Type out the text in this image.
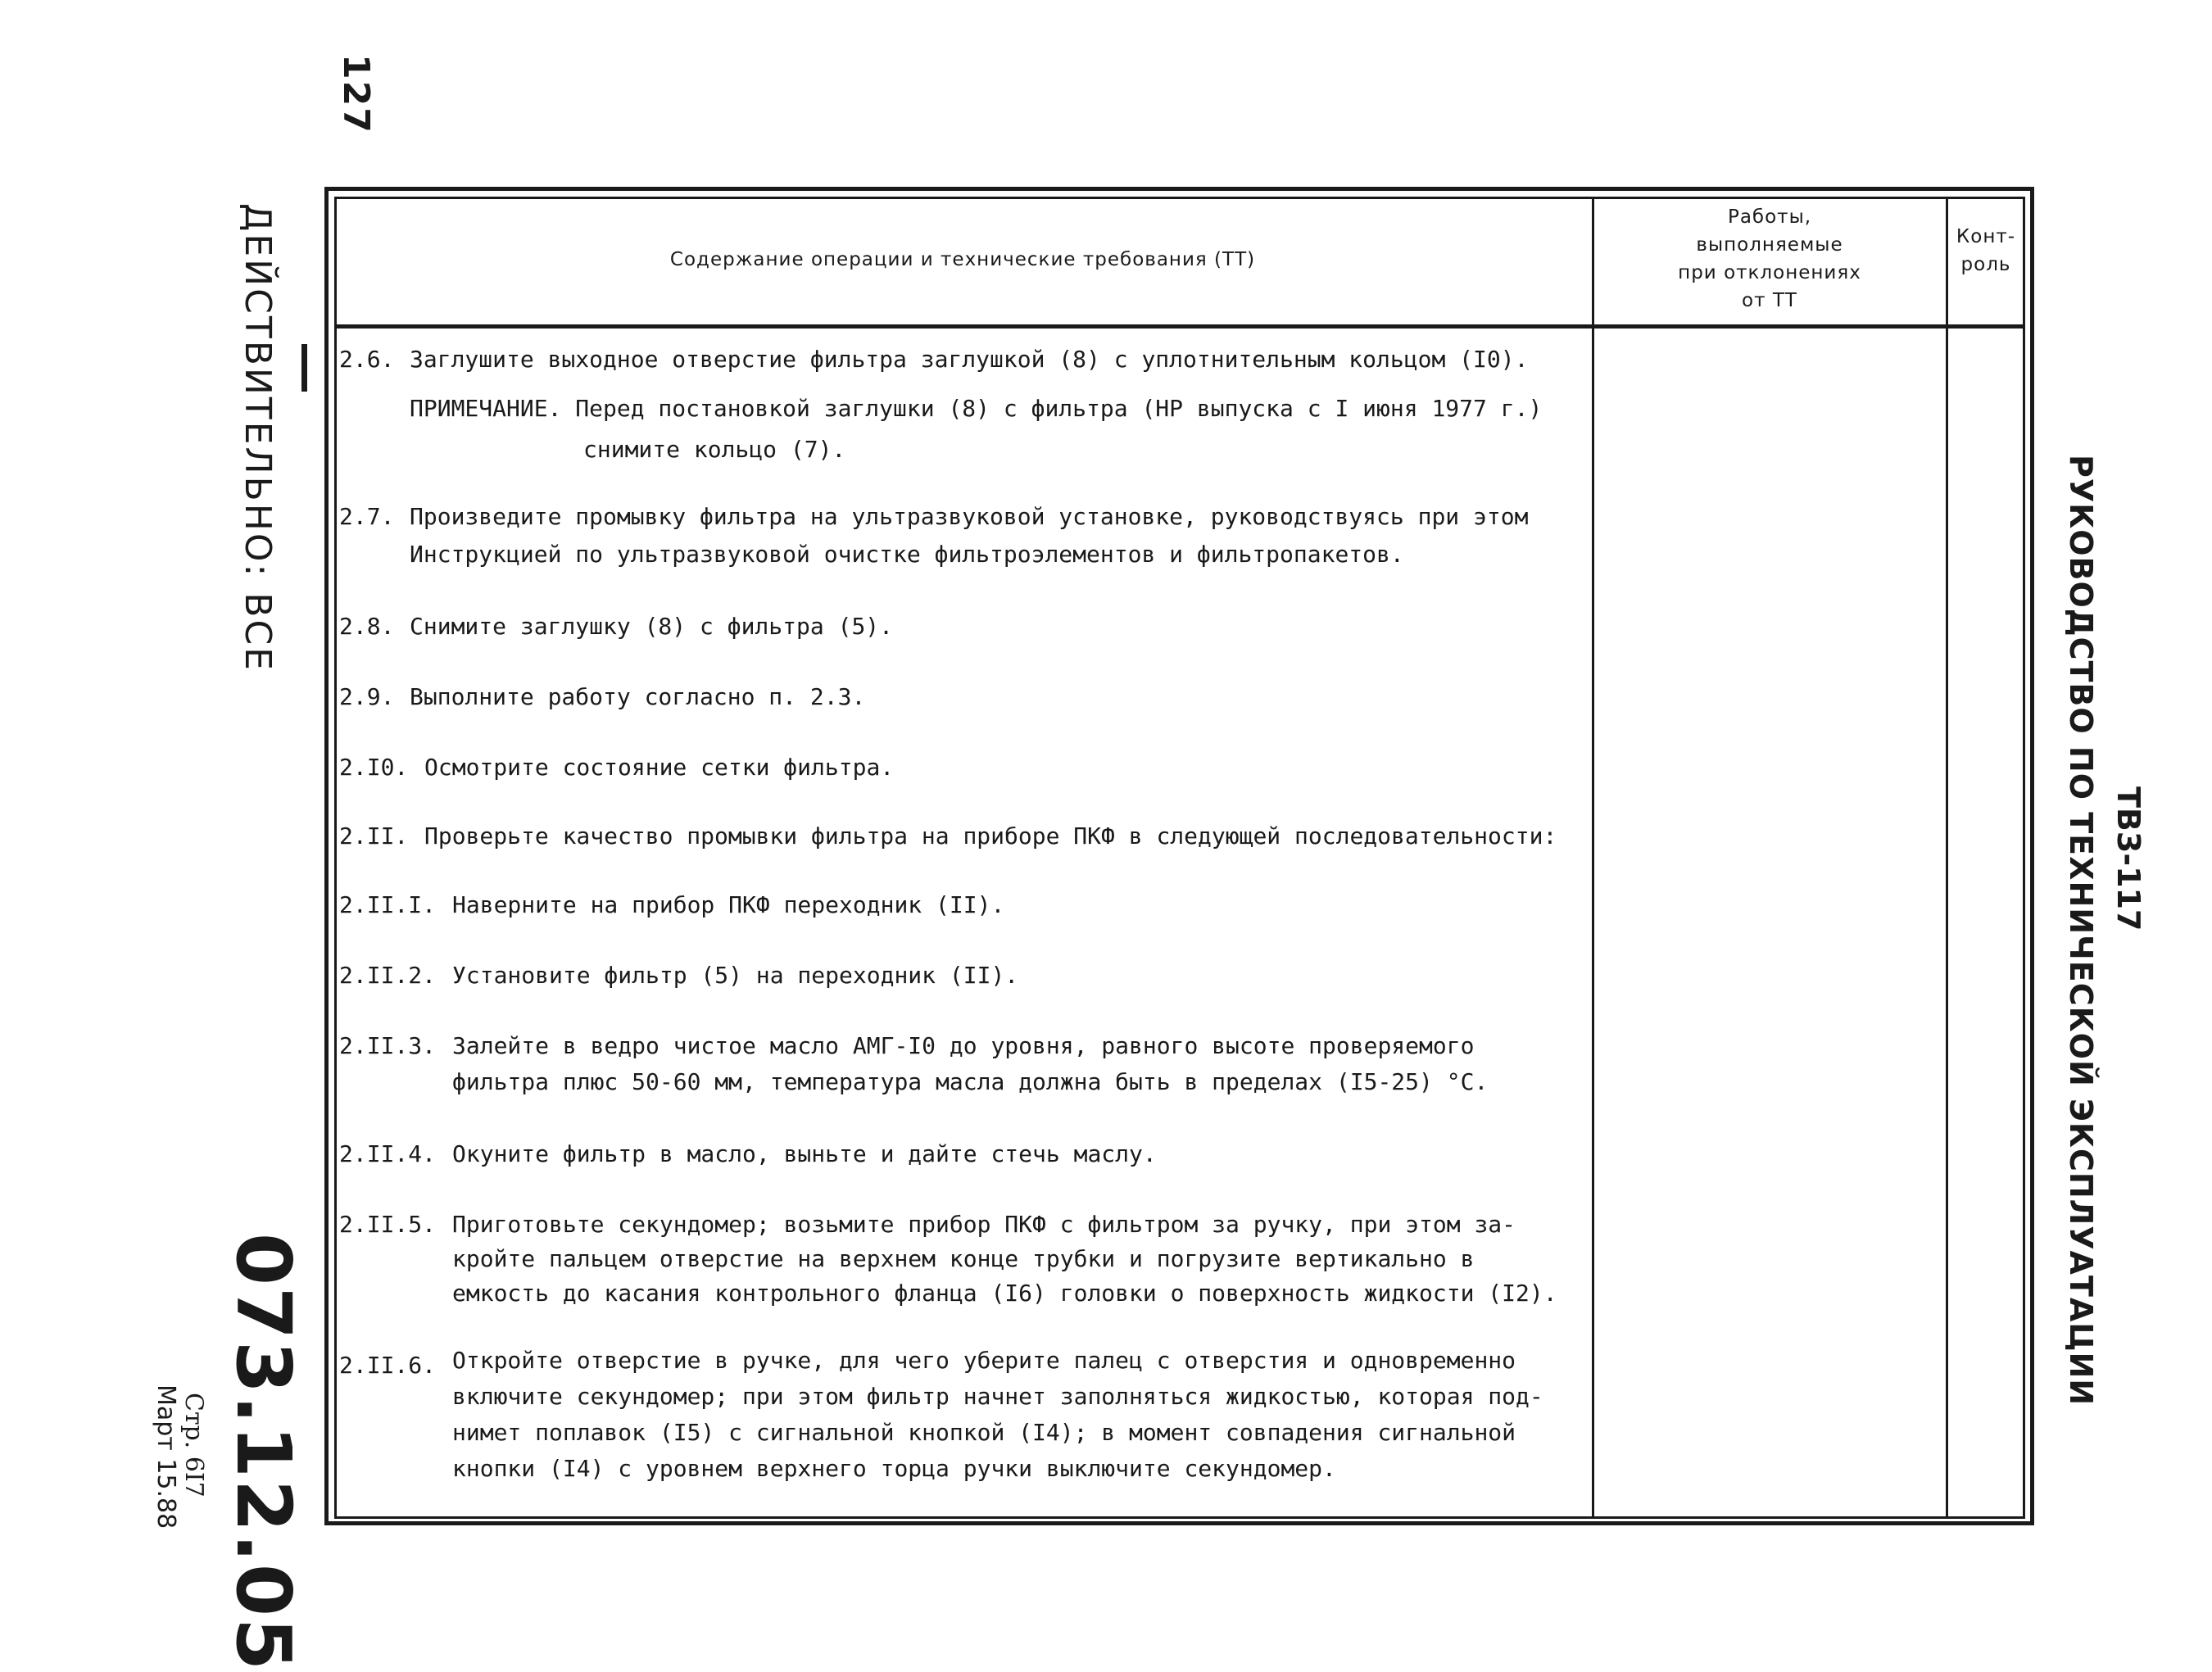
127
ДЕЙСТВИТЕЛЬНО: ВСЕ
073.12.05
Стр. 6I7
Март 15.88
ТВ3-117
РУКОВОДСТВО ПО ТЕХНИЧЕСКОЙ ЭКСПЛУАТАЦИИ
Содержание операции и технические требования (ТТ)
Работы,
выполняемые
при отклонениях
от ТТ
Конт-
роль
2.6. Заглушите выходное отверстие фильтра заглушкой (8) с уплотнительным кольцом (I0).
ПРИМЕЧАНИЕ. Перед постановкой заглушки (8) с фильтра (НР выпуска с I июня 1977 г.)
снимите кольцо (7).
2.7. Произведите промывку фильтра на ультразвуковой установке, руководствуясь при этом
Инструкцией по ультразвуковой очистке фильтроэлементов и фильтропакетов.
2.8. Снимите заглушку (8) с фильтра (5).
2.9. Выполните работу согласно п. 2.3.
2.I0. Осмотрите состояние сетки фильтра.
2.II. Проверьте качество промывки фильтра на приборе ПКФ в следующей последовательности:
2.II.I. Наверните на прибор ПКФ переходник (II).
2.II.2. Установите фильтр (5) на переходник (II).
2.II.3. Залейте в ведро чистое масло АМГ-I0 до уровня, равного высоте проверяемого
фильтра плюс 50-60 мм, температура масла должна быть в пределах (I5-25) °С.
2.II.4. Окуните фильтр в масло, выньте и дайте стечь маслу.
2.II.5. Приготовьте секундомер; возьмите прибор ПКФ с фильтром за ручку, при этом за-
кройте пальцем отверстие на верхнем конце трубки и погрузите вертикально в
емкость до касания контрольного фланца (I6) головки о поверхность жидкости (I2).
2.II.6. Откройте отверстие в ручке, для чего уберите палец с отверстия и одновременно
включите секундомер; при этом фильтр начнет заполняться жидкостью, которая под-
нимет поплавок (I5) с сигнальной кнопкой (I4); в момент совпадения сигнальной
кнопки (I4) с уровнем верхнего торца ручки выключите секундомер.
